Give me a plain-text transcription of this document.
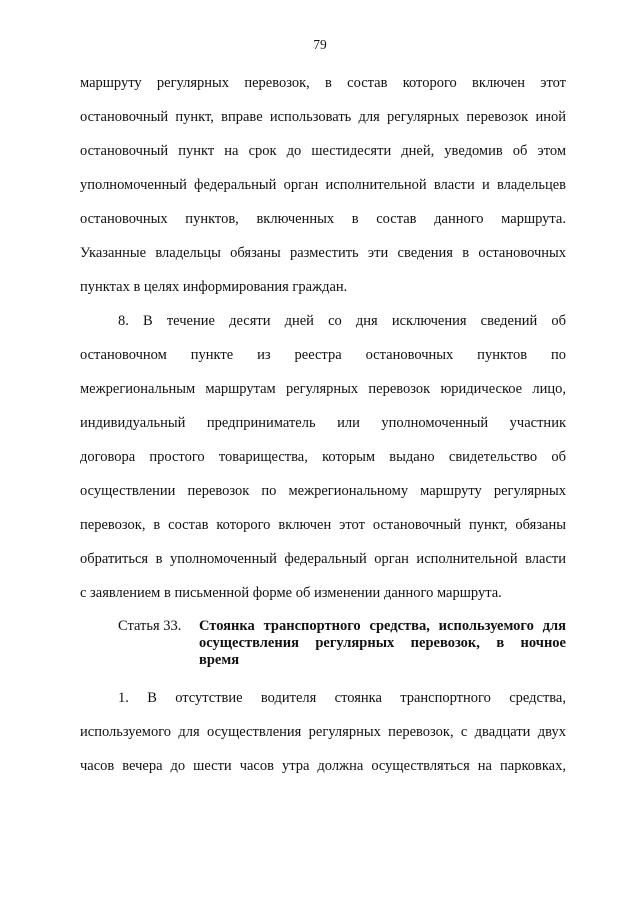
79
маршруту регулярных перевозок, в состав которого включен этот
остановочный пункт, вправе использовать для регулярных перевозок иной
остановочный пункт на срок до шестидесяти дней, уведомив об этом
уполномоченный федеральный орган исполнительной власти и владельцев
остановочных пунктов, включенных в состав данного маршрута.
Указанные владельцы обязаны разместить эти сведения в остановочных
пунктах в целях информирования граждан.
8. В течение десяти дней со дня исключения сведений об
остановочном пункте из реестра остановочных пунктов по
межрегиональным маршрутам регулярных перевозок юридическое лицо,
индивидуальный предприниматель или уполномоченный участник
договора простого товарищества, которым выдано свидетельство об
осуществлении перевозок по межрегиональному маршруту регулярных
перевозок, в состав которого включен этот остановочный пункт, обязаны
обратиться в уполномоченный федеральный орган исполнительной власти
с заявлением в письменной форме об изменении данного маршрута.
Статья 33. Стоянка транспортного средства, используемого для
осуществления регулярных перевозок, в ночное
время
1. В отсутствие водителя стоянка транспортного средства,
используемого для осуществления регулярных перевозок, с двадцати двух
часов вечера до шести часов утра должна осуществляться на парковках,
